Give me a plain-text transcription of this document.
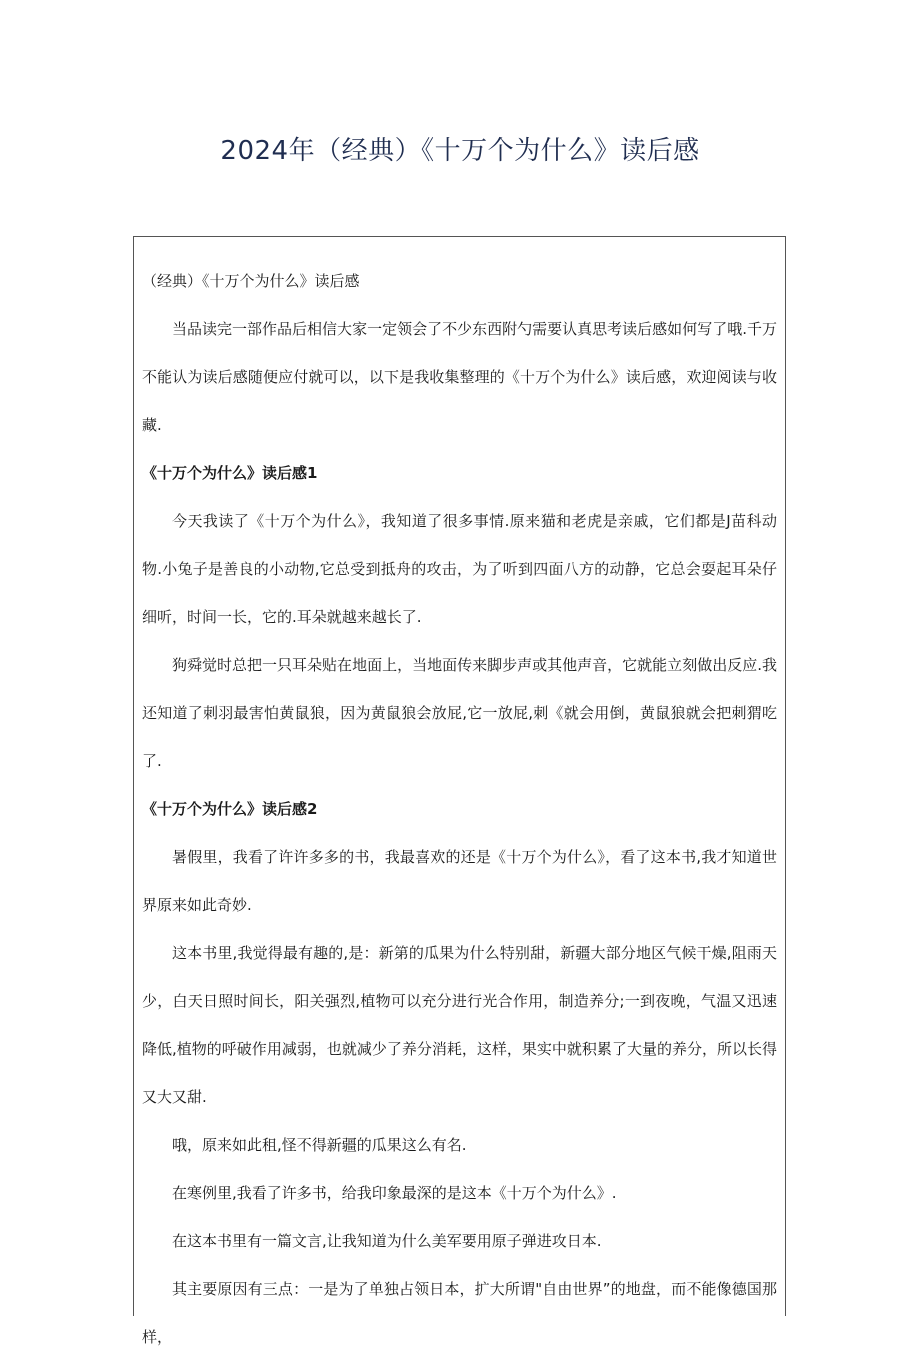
2024年（经典）《十万个为什么》读后感

（经典）《十万个为什么》读后感

当品读完一部作品后相信大家一定领会了不少东西附勺需要认真思考读后感如何写了哦.千万不能认为读后感随便应付就可以，以下是我收集整理的《十万个为什么》读后感，欢迎阅读与收藏.

《十万个为什么》读后感1

今天我读了《十万个为什么》，我知道了很多事情.原来猫和老虎是亲戚，它们都是J苗科动物.小兔子是善良的小动物,它总受到抵舟的攻击，为了听到四面八方的动静，它总会耍起耳朵仔细听，时间一长，它的.耳朵就越来越长了.

狗舜觉时总把一只耳朵贴在地面上，当地面传来脚步声或其他声音，它就能立刻做出反应.我还知道了刺羽最害怕黄鼠狼，因为黄鼠狼会放屁,它一放屁,刺《就会用倒，黄鼠狼就会把刺猬吃了.

《十万个为什么》读后感2

暑假里，我看了许许多多的书，我最喜欢的还是《十万个为什么》，看了这本书,我才知道世界原来如此奇妙.

这本书里,我觉得最有趣的,是：新第的瓜果为什么特别甜，新疆大部分地区气候干燥,阻雨天少，白天日照时间长，阳关强烈,植物可以充分进行光合作用，制造养分;一到夜晚，气温又迅速降低,植物的呼破作用减弱，也就减少了养分消耗，这样，果实中就积累了大量的养分，所以长得又大又甜.

哦，原来如此租,怪不得新疆的瓜果这么有名.

在寒例里,我看了许多书，给我印象最深的是这本《十万个为什么》.

在这本书里有一篇文言,让我知道为什么美军要用原子弹进攻日本.

其主要原因有三点：一是为了单独占领日本，扩大所谓"自由世界”的地盘，而不能像德国那样，
